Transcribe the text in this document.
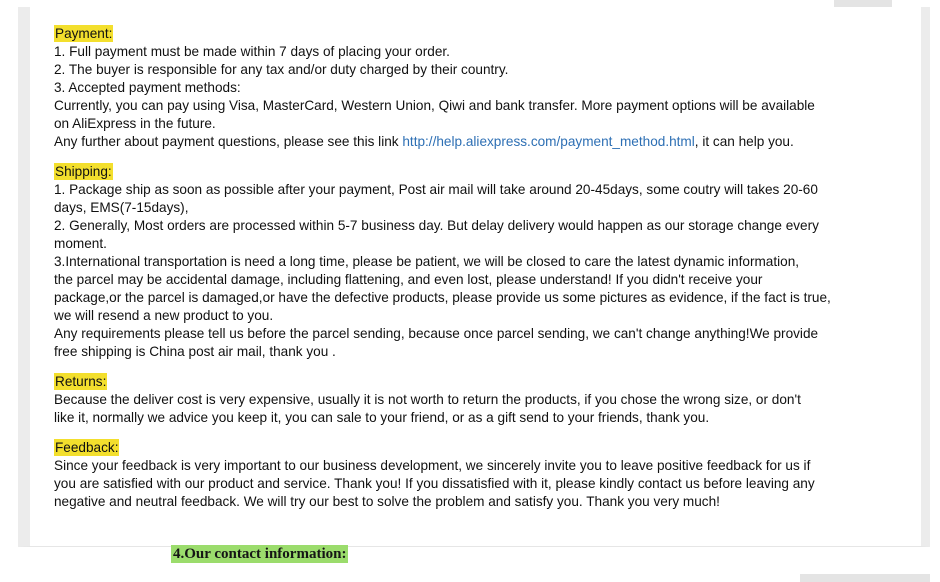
Payment:
1. Full payment must be made within 7 days of placing your order.
2. The buyer is responsible for any tax and/or duty charged by their country.
3. Accepted payment methods:
Currently, you can pay using Visa, MasterCard, Western Union, Qiwi and bank transfer. More payment options will be available
on AliExpress in the future.
Any further about payment questions, please see this link http://help.aliexpress.com/payment_method.html, it can help you.
Shipping:
1. Package ship as soon as possible after your payment, Post air mail will take around 20-45days, some coutry will takes 20-60
days, EMS(7-15days),
2. Generally, Most orders are processed within 5-7 business day. But delay delivery would happen as our storage change every
moment.
3.International transportation is need a long time, please be patient, we will be closed to care the latest dynamic information,
the parcel may be accidental damage, including flattening, and even lost, please understand! If you didn't receive your
package,or the parcel is damaged,or have the defective products, please provide us some pictures as evidence, if the fact is true,
we will resend a new product to you.
Any requirements please tell us before the parcel sending, because once parcel sending, we can't change anything!We provide
free shipping is China post air mail, thank you .
Returns:
Because the deliver cost is very expensive, usually it is not worth to return the products, if you chose the wrong size, or don't
like it, normally we advice you keep it, you can sale to your friend, or as a gift send to your friends, thank you.
Feedback:
Since your feedback is very important to our business development, we sincerely invite you to leave positive feedback for us if
you are satisfied with our product and service. Thank you! If you dissatisfied with it, please kindly contact us before leaving any
negative and neutral feedback. We will try our best to solve the problem and satisfy you. Thank you very much!
4.Our contact information:
